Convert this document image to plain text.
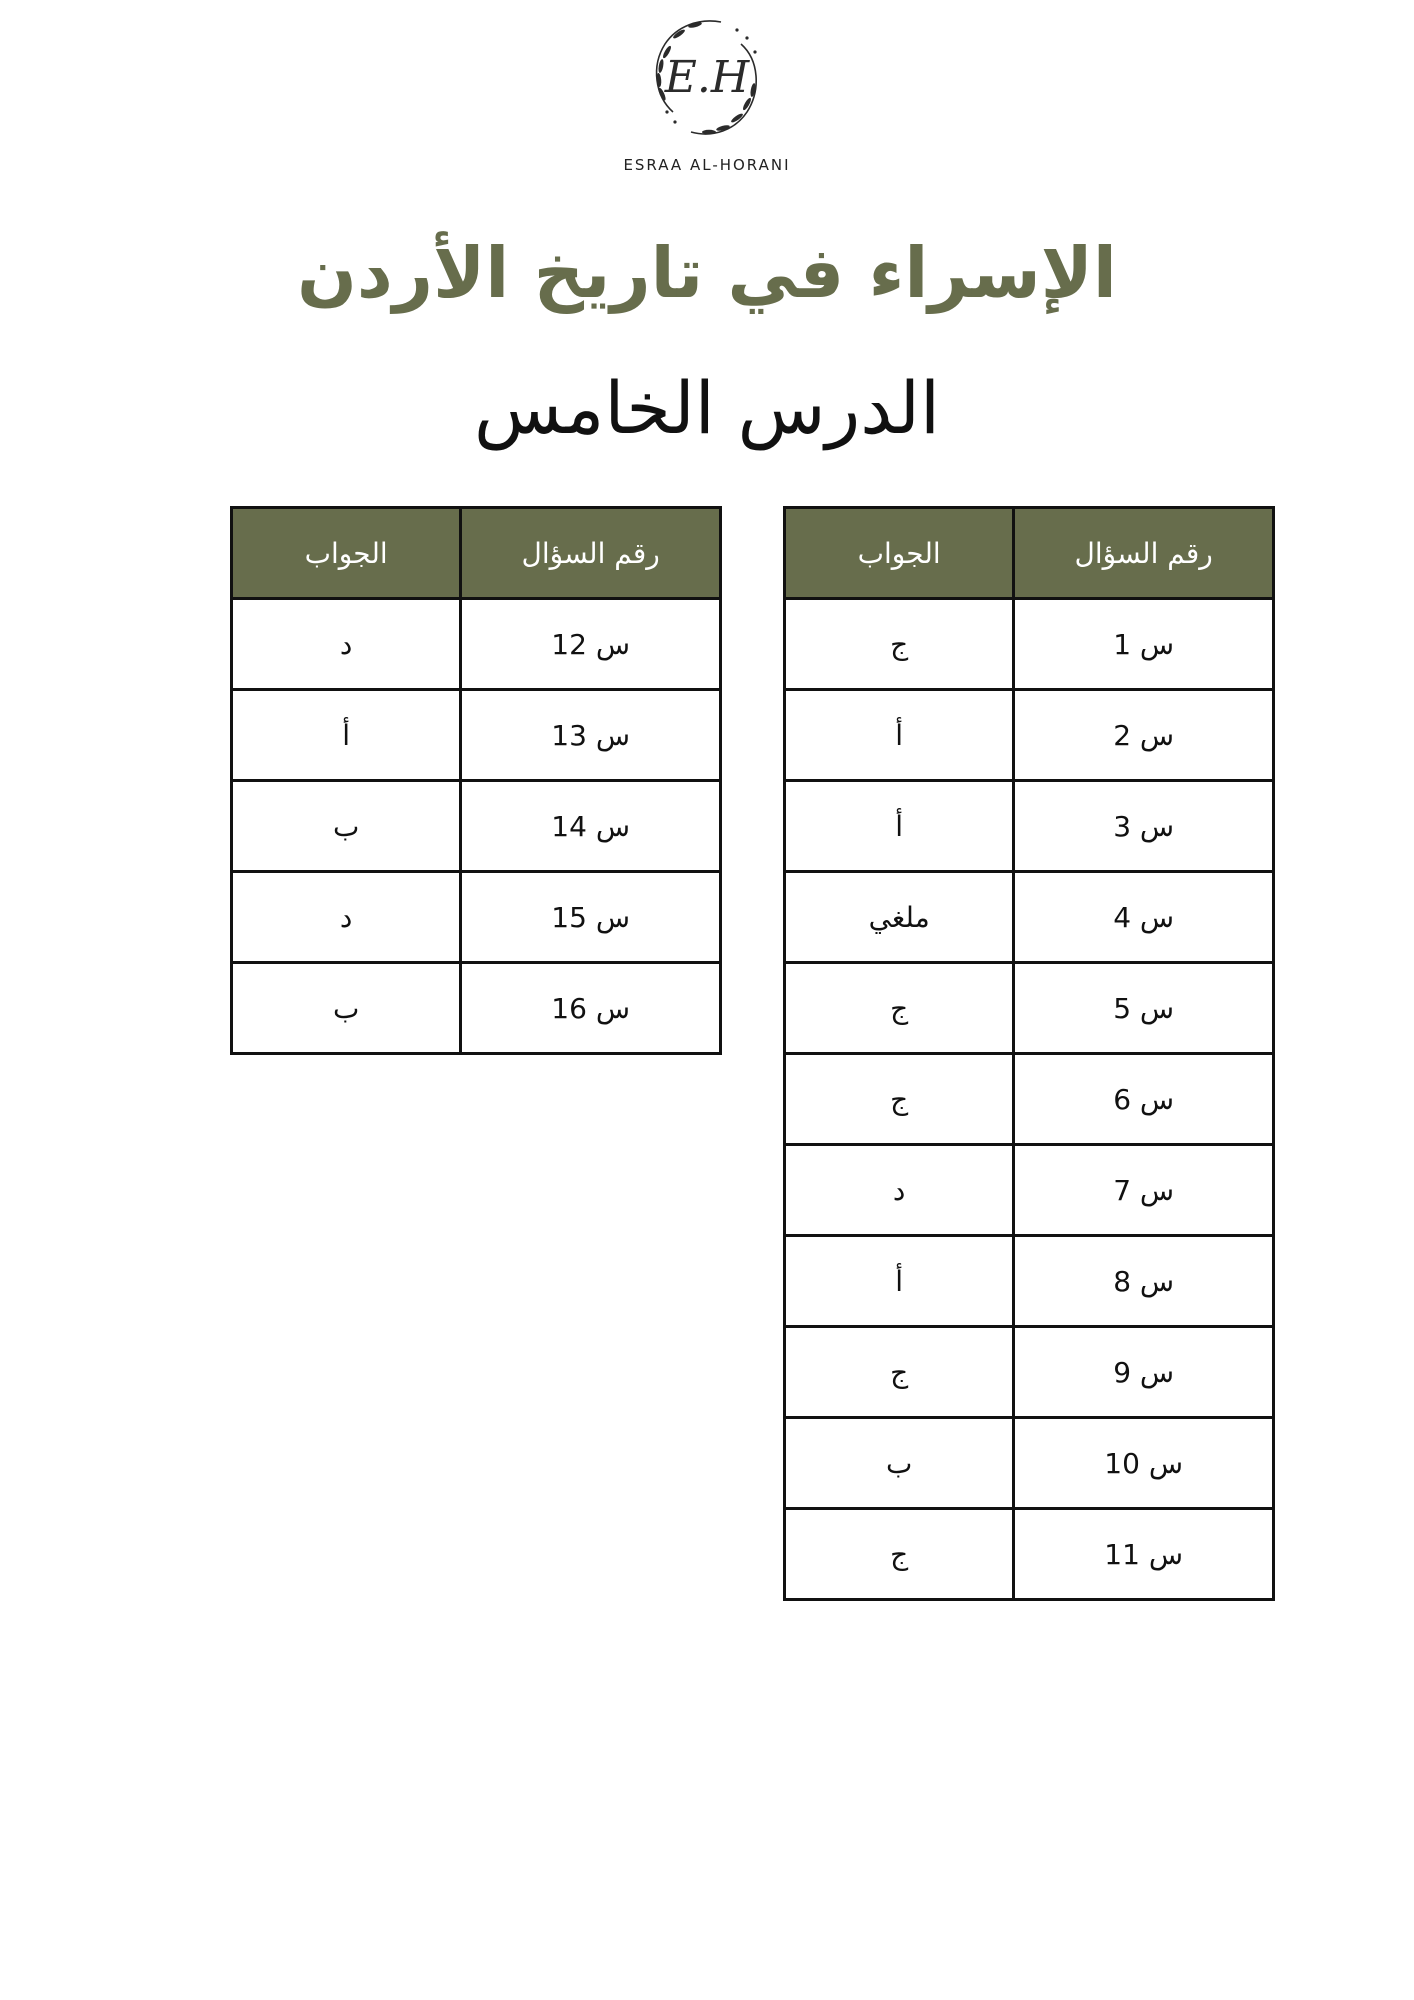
E.H
ESRAA AL-HORANI
الإسراء في تاريخ الأردن
الدرس الخامس
رقم السؤال	الجواب
س 1	ج
س 2	أ
س 3	أ
س 4	ملغي
س 5	ج
س 6	ج
س 7	د
س 8	أ
س 9	ج
س 10	ب
س 11	ج
رقم السؤال	الجواب
س 12	د
س 13	أ
س 14	ب
س 15	د
س 16	ب
